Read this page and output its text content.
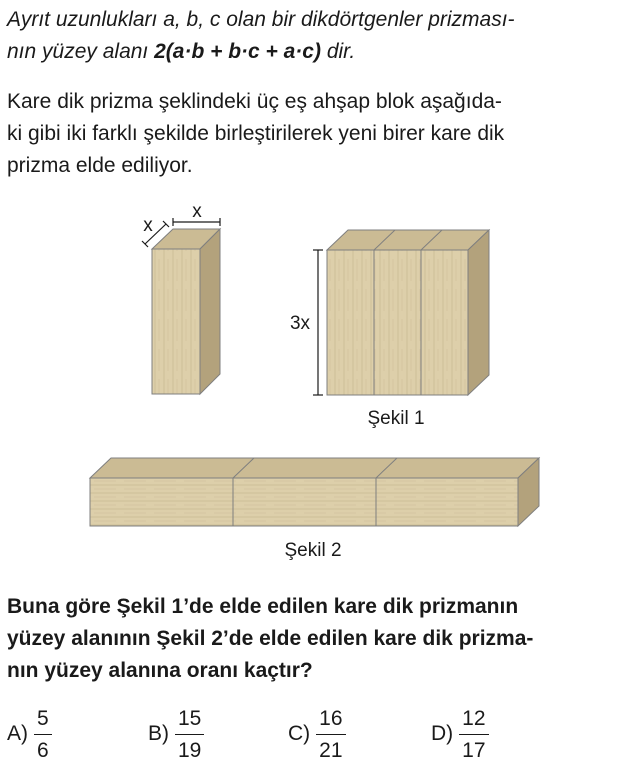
Ayrıt uzunlukları a, b, c olan bir dikdörtgenler prizması-
nın yüzey alanı 2(a·b + b·c + a·c) dir.
Kare dik prizma şeklindeki üç eş ahşap blok aşağıda-
ki gibi iki farklı şekilde birleştirilerek yeni birer kare dik
prizma elde ediliyor.
x
x
3x
Şekil 1
Şekil 2
Buna göre Şekil 1’de elde edilen kare dik prizmanın
yüzey alanının Şekil 2’de elde edilen kare dik prizma-
nın yüzey alanına oranı kaçtır?
$A) \frac{5}{6}$	$B) \frac{15}{19}$	$C) \frac{16}{21}$	$D) \frac{12}{17}$
